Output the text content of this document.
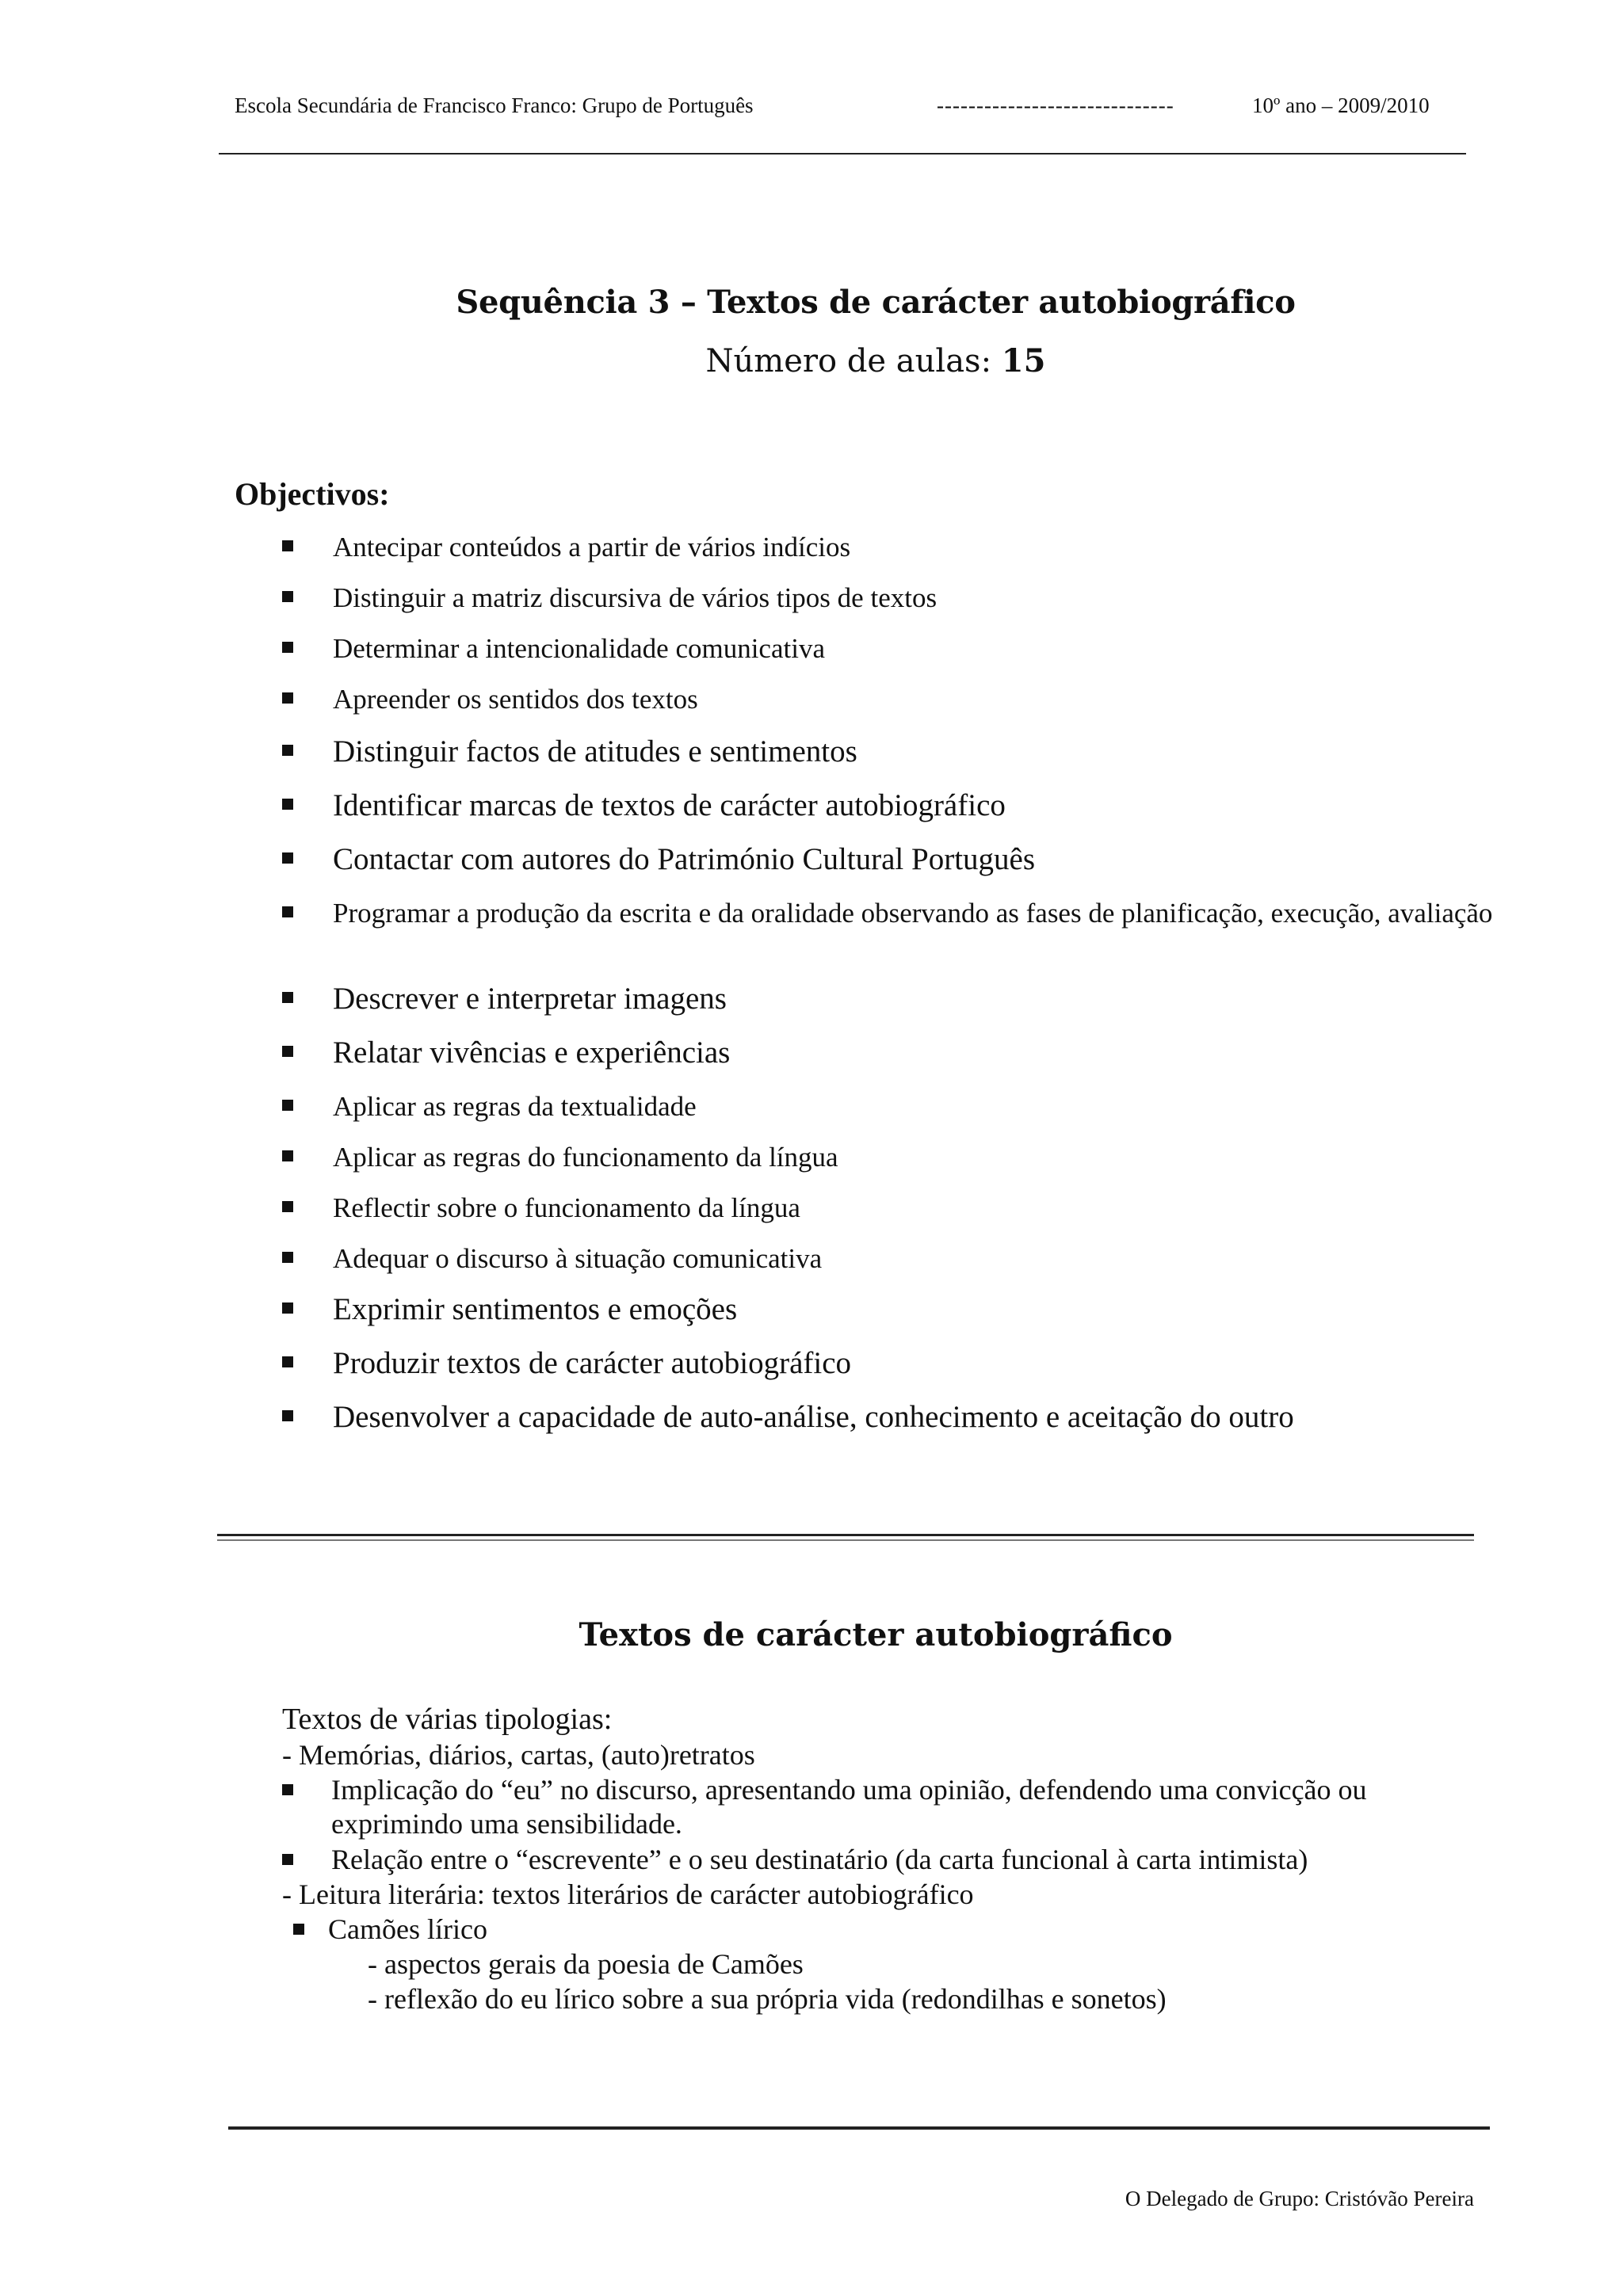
Escola Secundária de Francisco Franco: Grupo de Português	------------------------------	10º ano – 2009/2010
Sequência 3 – Textos de carácter autobiográfico
Número de aulas: 15
Objectivos:
Antecipar conteúdos a partir de vários indícios
Distinguir a matriz discursiva de vários tipos de textos
Determinar a intencionalidade comunicativa
Apreender os sentidos dos textos
Distinguir factos de atitudes e sentimentos
Identificar marcas de textos de carácter autobiográfico
Contactar com autores do Património Cultural Português
Programar a produção da escrita e da oralidade observando as fases de planificação, execução, avaliação
Descrever e interpretar imagens
Relatar vivências e experiências
Aplicar as regras da textualidade
Aplicar as regras do funcionamento da língua
Reflectir sobre o funcionamento da língua
Adequar o discurso à situação comunicativa
Exprimir sentimentos e emoções
Produzir textos de carácter autobiográfico
Desenvolver a capacidade de auto-análise, conhecimento e aceitação do outro
Textos de carácter autobiográfico
Textos de várias tipologias:
- Memórias, diários, cartas, (auto)retratos
Implicação do “eu” no discurso, apresentando uma opinião, defendendo uma convicção ou exprimindo uma sensibilidade.
Relação entre o “escrevente” e o seu destinatário (da carta funcional à carta intimista)
- Leitura literária: textos literários de carácter autobiográfico
Camões lírico
- aspectos gerais da poesia de Camões
- reflexão do eu lírico sobre a sua própria vida (redondilhas e sonetos)
O Delegado de Grupo: Cristóvão Pereira
